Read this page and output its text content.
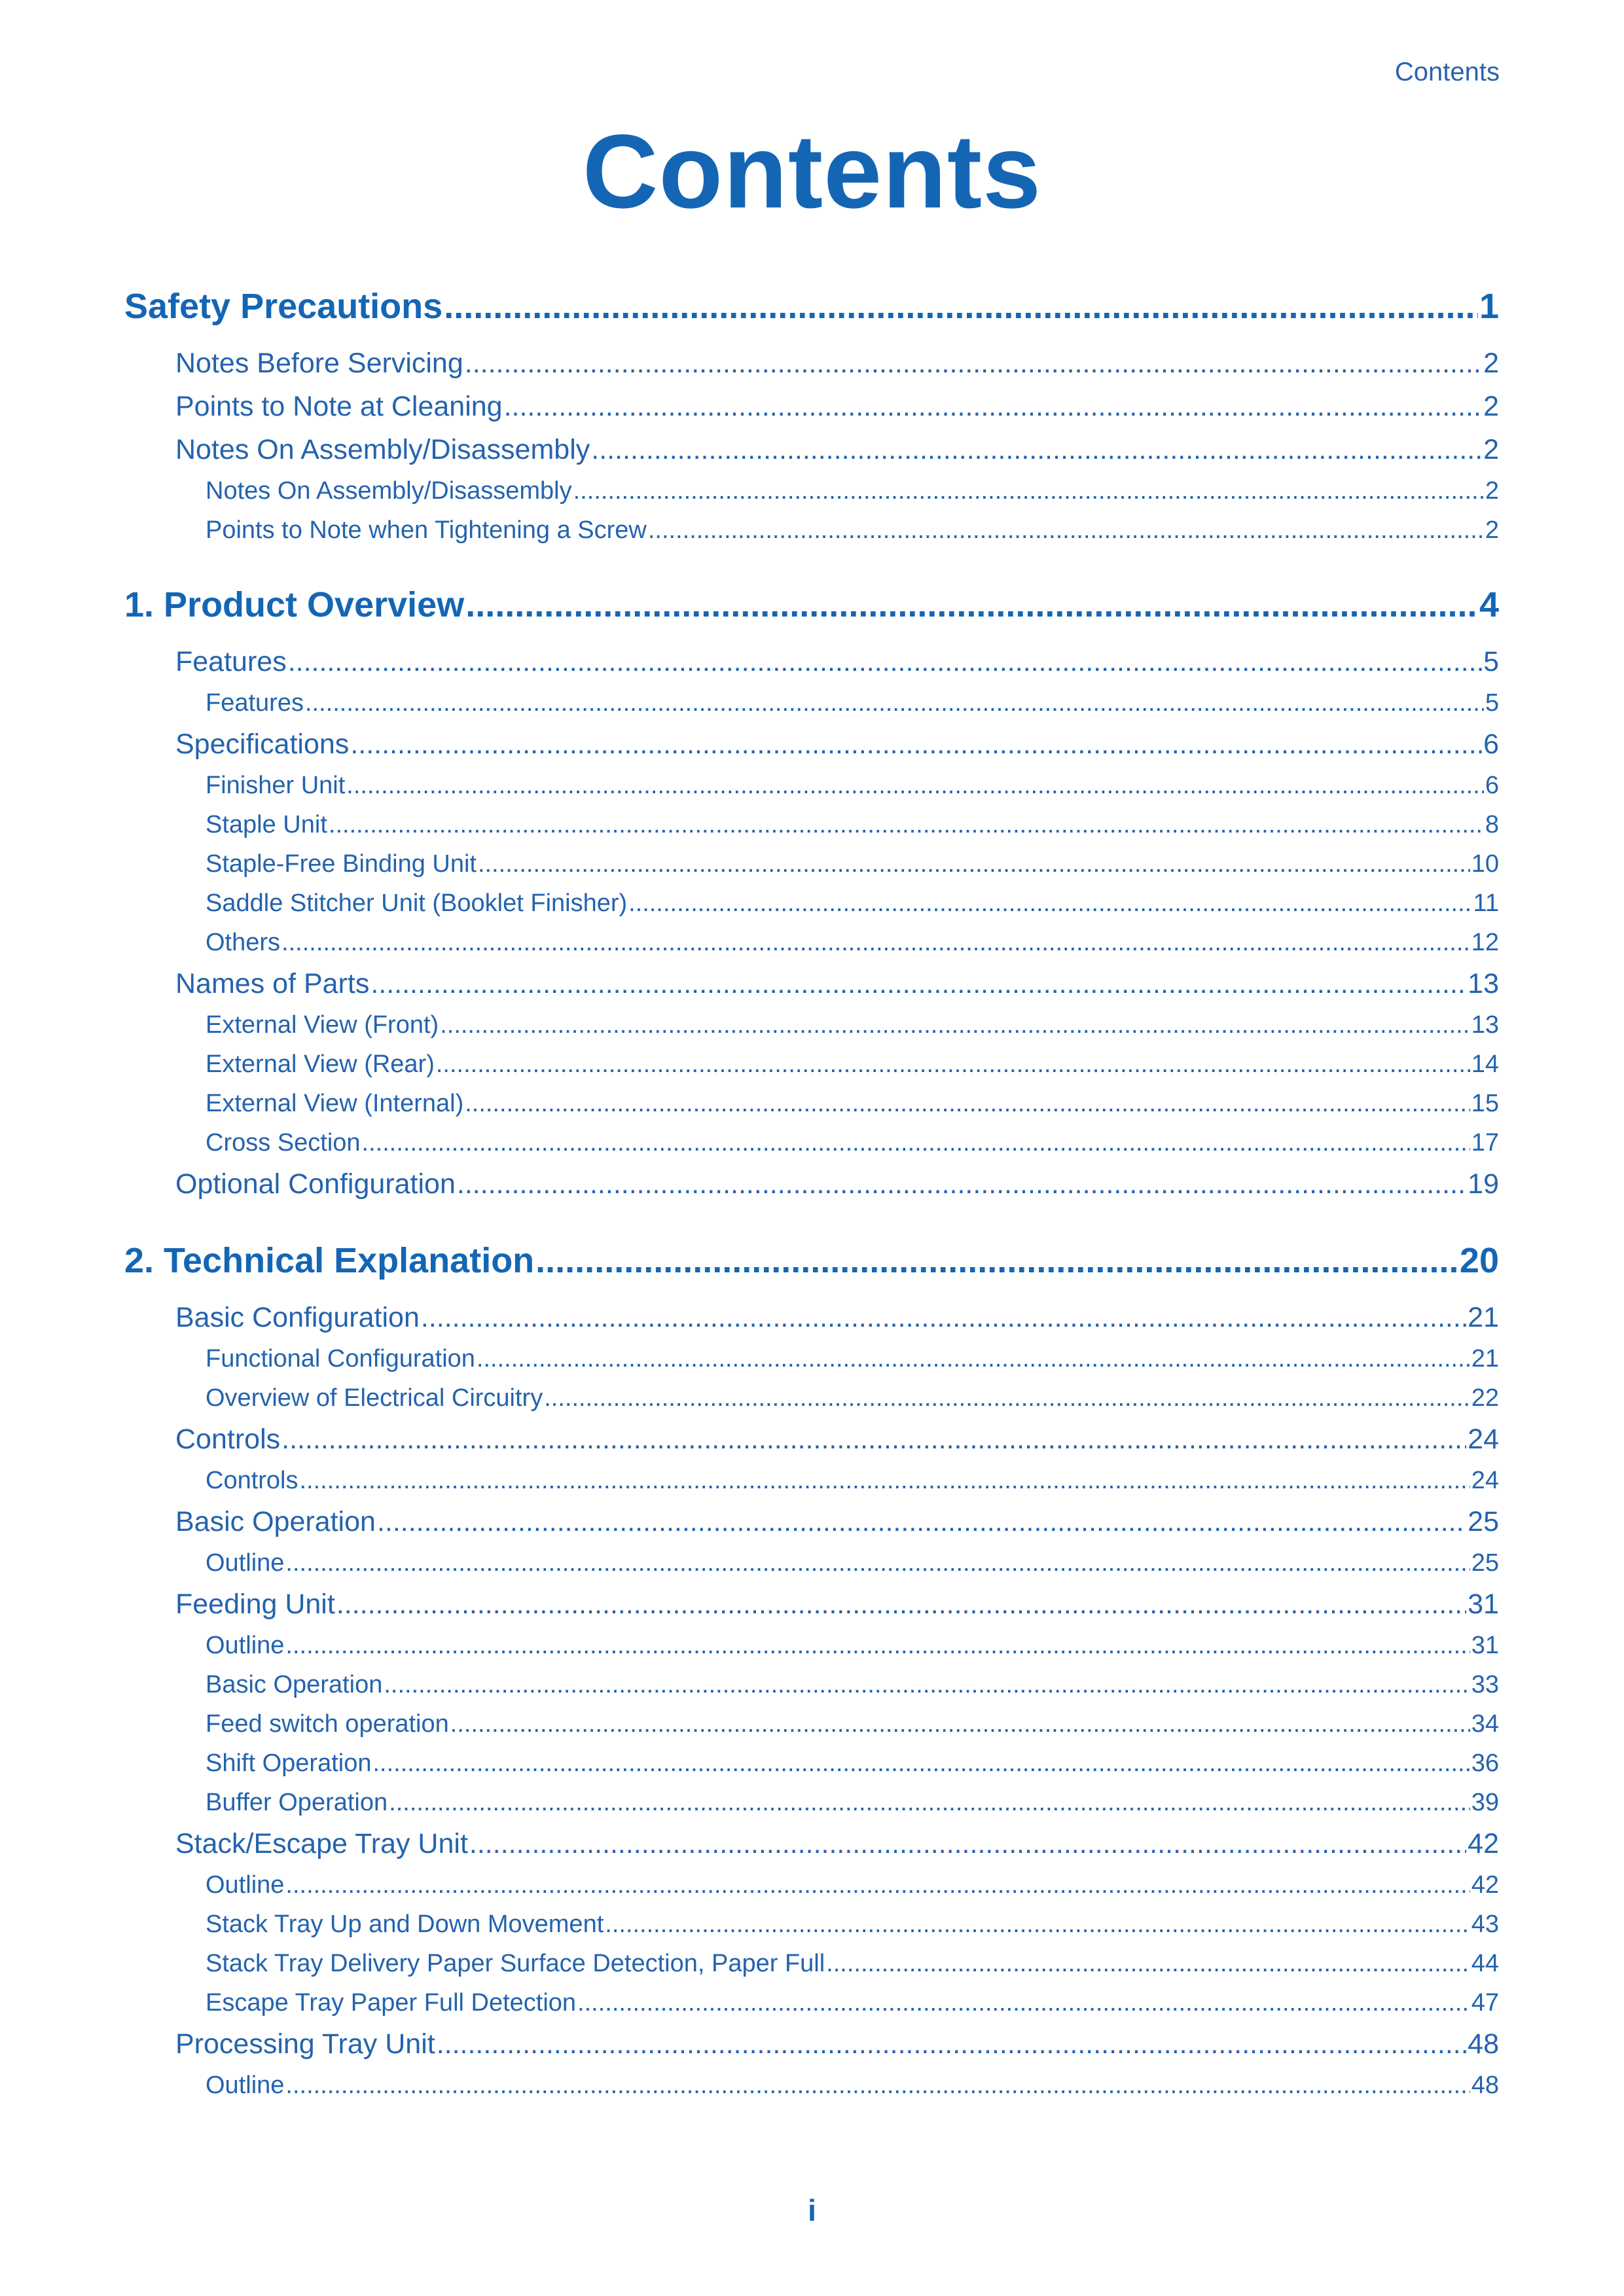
Contents
Contents
Safety Precautions .....	1
Notes Before Servicing .....	2
Points to Note at Cleaning .....	2
Notes On Assembly/Disassembly .....	2
Notes On Assembly/Disassembly .....	2
Points to Note when Tightening a Screw .....	2
1. Product Overview .....	4
Features .....	5
Features .....	5
Specifications .....	6
Finisher Unit .....	6
Staple Unit .....	8
Staple-Free Binding Unit .....	10
Saddle Stitcher Unit (Booklet Finisher) .....	11
Others .....	12
Names of Parts .....	13
External View (Front) .....	13
External View (Rear) .....	14
External View (Internal) .....	15
Cross Section .....	17
Optional Configuration .....	19
2. Technical Explanation .....	20
Basic Configuration .....	21
Functional Configuration .....	21
Overview of Electrical Circuitry .....	22
Controls .....	24
Controls .....	24
Basic Operation .....	25
Outline .....	25
Feeding Unit .....	31
Outline .....	31
Basic Operation .....	33
Feed switch operation .....	34
Shift Operation .....	36
Buffer Operation .....	39
Stack/Escape Tray Unit .....	42
Outline .....	42
Stack Tray Up and Down Movement .....	43
Stack Tray Delivery Paper Surface Detection, Paper Full .....	44
Escape Tray Paper Full Detection .....	47
Processing Tray Unit .....	48
Outline .....	48
i
